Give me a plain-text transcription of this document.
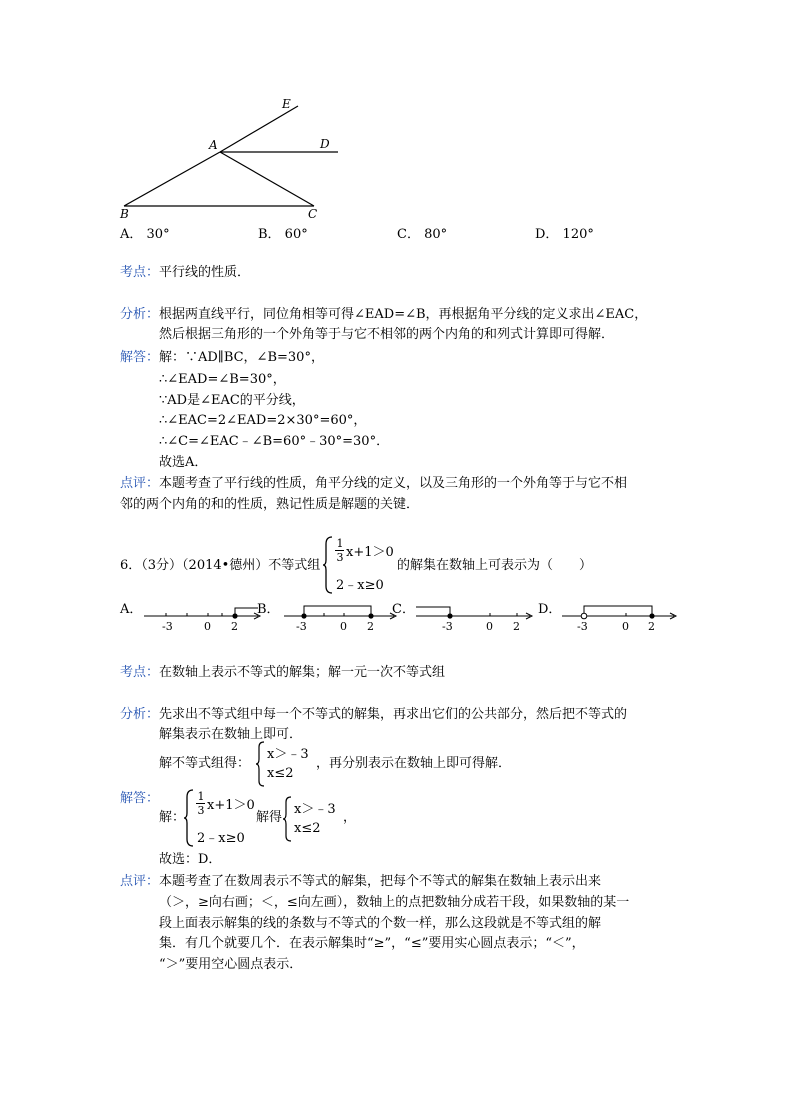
E
A	D
B	C
A． 30°	B． 60°	C． 80°	D． 120°
考点： 平行线的性质．
分析： 根据两直线平行，同位角相等可得∠EAD=∠B，再根据角平分线的定义求出∠EAC，
然后根据三角形的一个外角等于与它不相邻的两个内角的和列式计算即可得解．
解答： 解：∵AD∥BC，∠B=30°，
∴∠EAD=∠B=30°，
∵AD是∠EAC的平分线，
∴∠EAC=2∠EAD=2×30°=60°，
∴∠C=∠EAC﹣∠B=60°﹣30°=30°．
故选A．
点评： 本题考查了平行线的性质，角平分线的定义，以及三角形的一个外角等于与它不相
邻的两个内角的和的性质，熟记性质是解题的关键．
6．（3分）（2014•德州）不等式组
1
3 x+1＞0
2﹣x≥0
的解集在数轴上可表示为（　　）
A．	B．	C．	D．
-3	0 2	-3	0 2	-3	0 2	-3	0 2
考点： 在数轴上表示不等式的解集；解一元一次不等式组
分析： 先求出不等式组中每一个不等式的解集，再求出它们的公共部分，然后把不等式的
解集表示在数轴上即可．
解不等式组得：
x＞﹣3
x≤2
，再分别表示在数轴上即可得解．
解答：
解：
1
3 x+1＞0
2﹣x≥0
解得
x＞﹣3
x≤2
，
故选：D．
点评： 本题考查了在数周表示不等式的解集，把每个不等式的解集在数轴上表示出来
（＞，≥向右画；＜，≤向左画），数轴上的点把数轴分成若干段，如果数轴的某一
段上面表示解集的线的条数与不等式的个数一样，那么这段就是不等式组的解
集．有几个就要几个．在表示解集时“≥”，“≤”要用实心圆点表示；“＜”，
“＞”要用空心圆点表示．
